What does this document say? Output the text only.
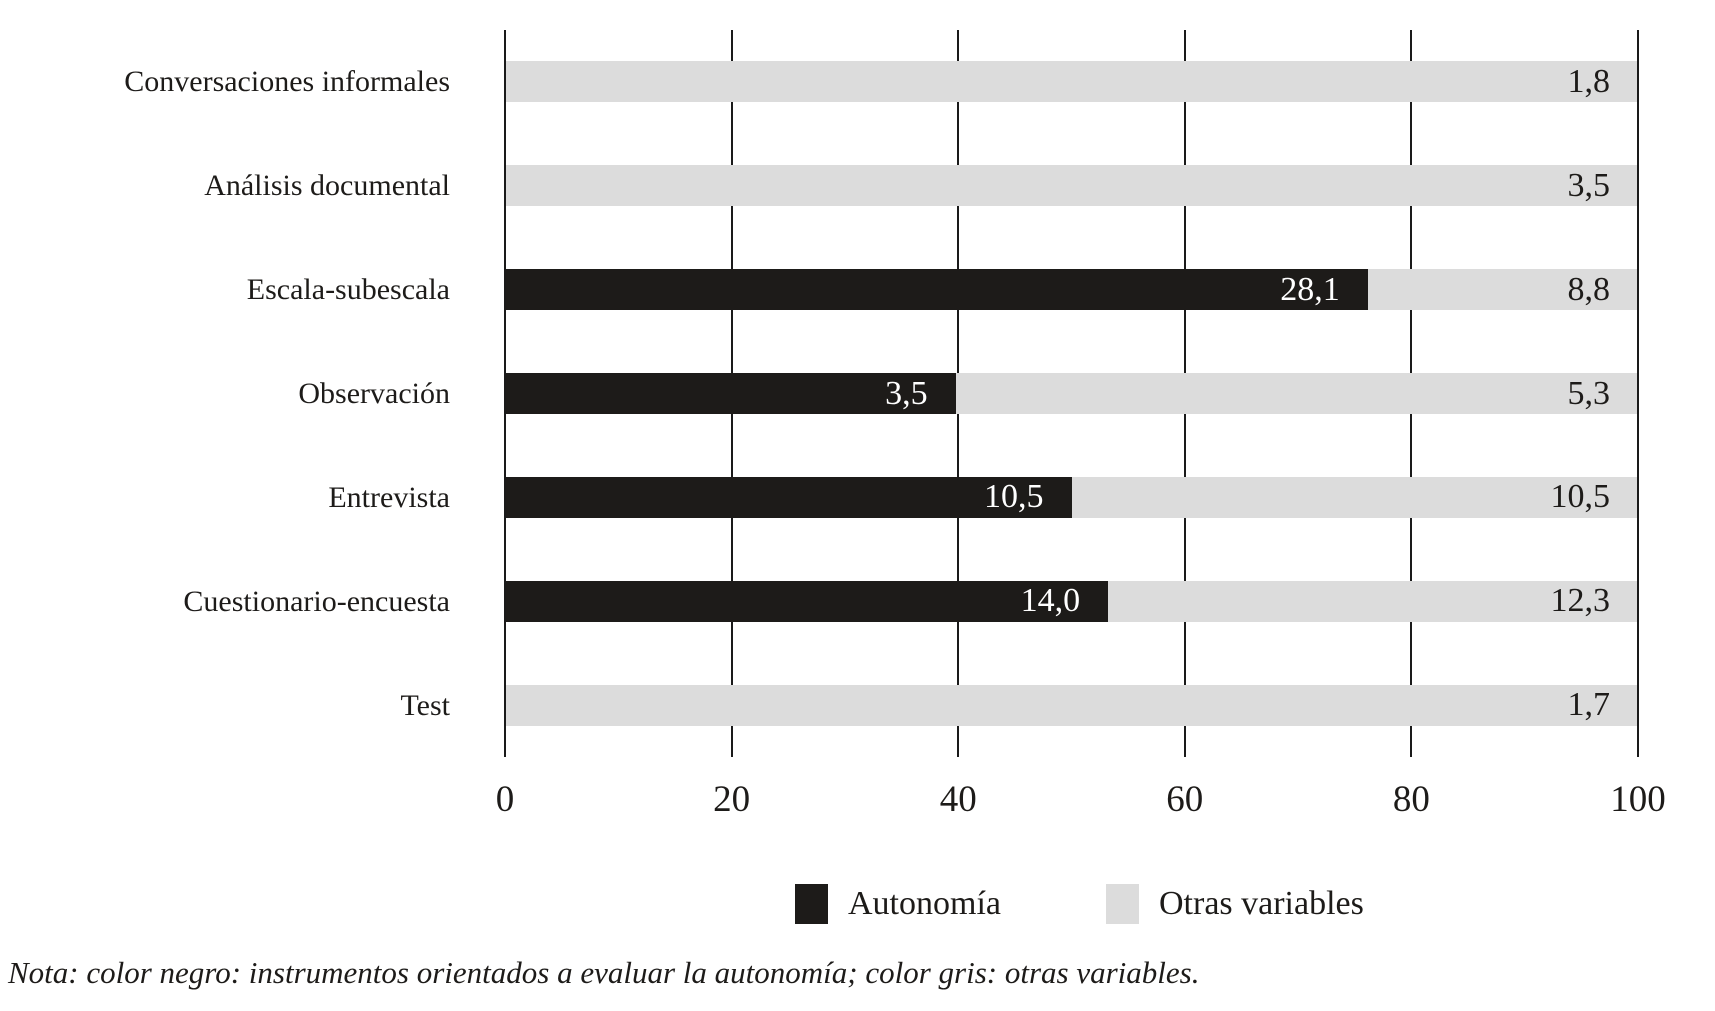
Conversaciones informales
Análisis documental
Escala-subescala
Observación
Entrevista
Cuestionario-encuesta
Test
1,8
3,5
28,1	8,8
3,5	5,3
10,5	10,5
14,0	12,3
1,7
0	20	40	60	80	100
Autonomía	Otras variables
Nota: color negro: instrumentos orientados a evaluar la autonomía; color gris: otras variables.
